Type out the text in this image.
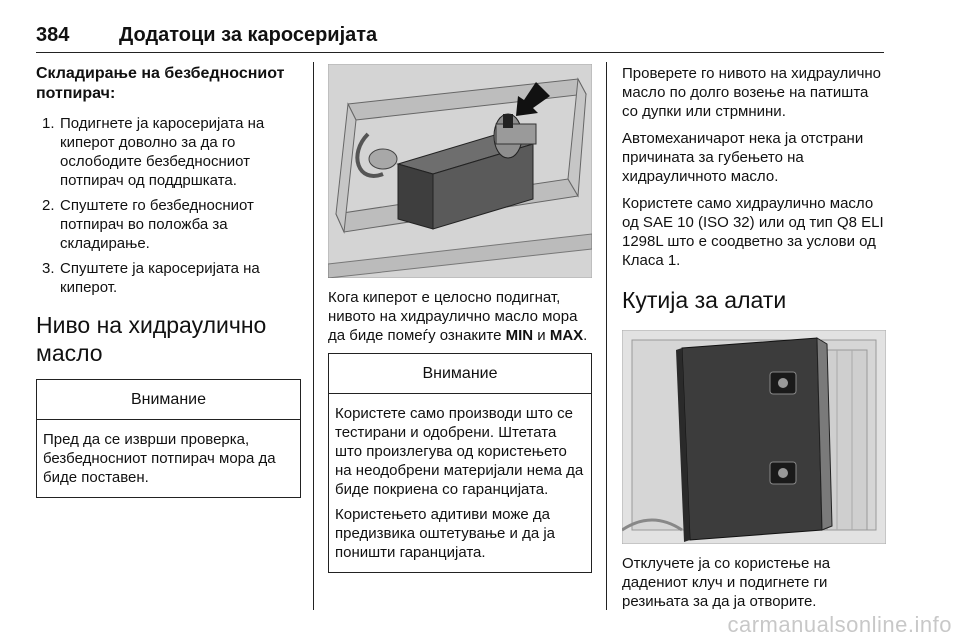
384 Додатоци за каросеријата
Складирање на безбедносниот потпирач:
1. Подигнете ја каросеријата на киперот доволно за да го ослободите безбедносниот потпирач од поддршката.
2. Спуштете го безбедносниот потпирач во положба за складирање.
3. Спуштете ја каросеријата на киперот.
Ниво на хидраулично масло
Внимание

Пред да се изврши проверка, безбедносниот потпирач мора да биде поставен.

Кога киперот е целосно подигнат, нивото на хидраулично масло мора да биде помеѓу ознаките MIN и MAX.

Внимание

Користете само производи што се тестирани и одобрени. Штетата што произлегува од користењето на неодобрени материјали нема да биде покриена со гаранцијата.

Користењето адитиви може да предизвика оштетување и да ја поништи гаранцијата.

Проверете го нивото на хидраулично масло по долго возење на патишта со дупки или стрмнини.

Автомеханичарот нека ја отстрани причината за губењето на хидрауличното масло.

Користете само хидраулично масло од SAE 10 (ISO 32) или од тип Q8 ELI 1298L што е соодветно за услови од Класа 1.

Кутија за алати

Отклучете ја со користење на дадениот клуч и подигнете ги резињата за да ја отворите.

carmanualsonline.info
